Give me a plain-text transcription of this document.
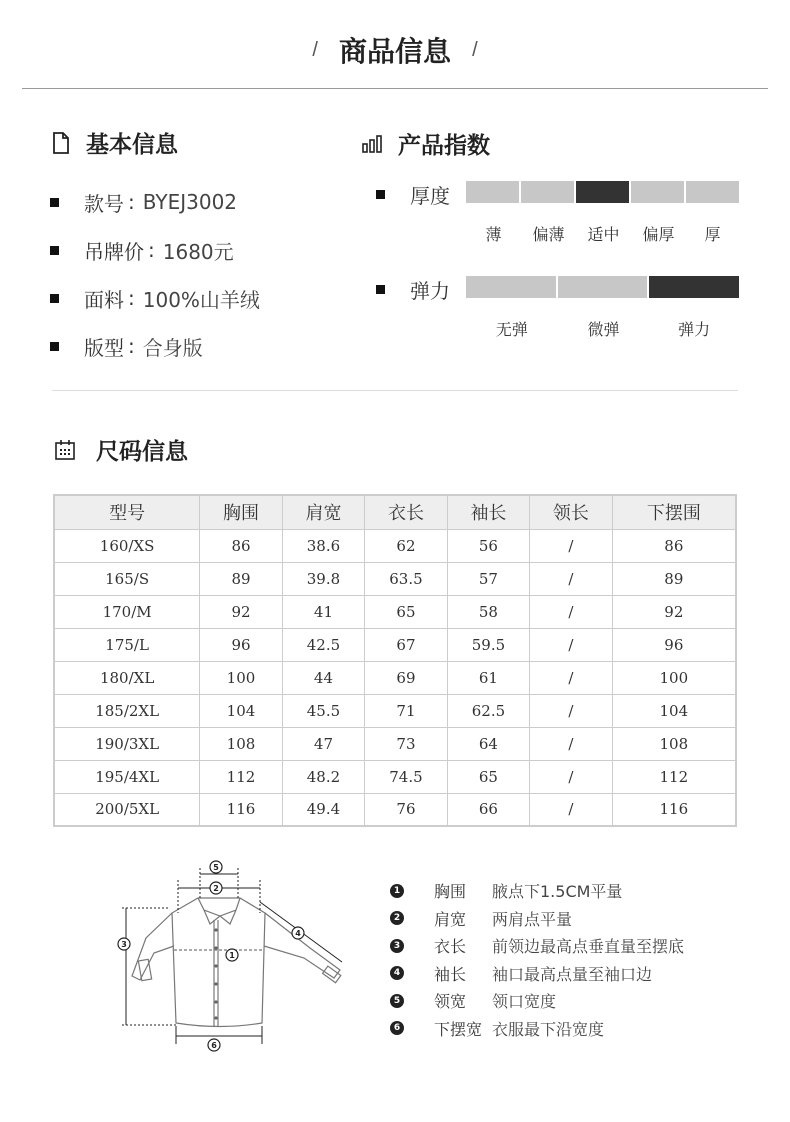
/ 商品信息 /
基本信息
款号 : BYEJ3002
吊牌价 : 1680元
面料 : 100%山羊绒
版型 : 合身版
产品指数
厚度
薄	偏薄	适中	偏厚	厚
弹力
无弹	微弹	弹力
尺码信息
型号	胸围	肩宽	衣长	袖长	领长	下摆围
160/XS	86	38.6	62	56	/	86
165/S	89	39.8	63.5	57	/	89
170/M	92	41	65	58	/	92
175/L	96	42.5	67	59.5	/	96
180/XL	100	44	69	61	/	100
185/2XL	104	45.5	71	62.5	/	104
190/3XL	108	47	73	64	/	108
195/4XL	112	48.2	74.5	65	/	112
200/5XL	116	49.4	76	66	/	116
5
2
3
1
4
6
1 胸围	腋点下1.5CM平量
2 肩宽	两肩点平量
3 衣长	前领边最高点垂直量至摆底
4 袖长	袖口最高点量至袖口边
5 领宽	领口宽度
6 下摆宽 衣服最下沿宽度
